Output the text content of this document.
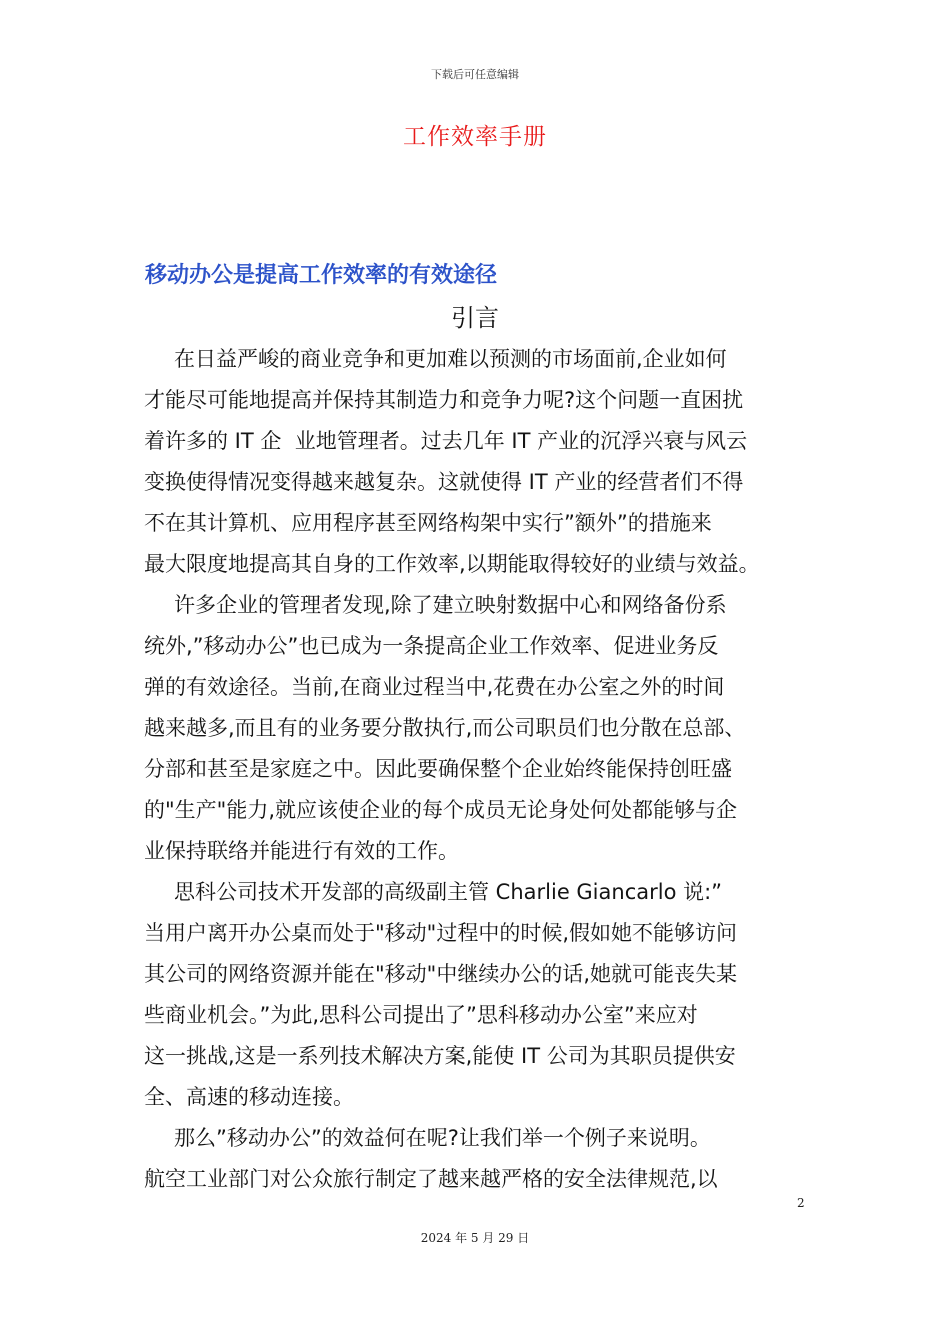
下载后可任意编辑
工作效率手册
移动办公是提高工作效率的有效途径
引言
在日益严峻的商业竞争和更加难以预测的市场面前,企业如何
才能尽可能地提高并保持其制造力和竞争力呢?这个问题一直困扰
着许多的 IT 企  业地管理者。过去几年 IT 产业的沉浮兴衰与风云
变换使得情况变得越来越复杂。这就使得 IT 产业的经营者们不得
不在其计算机、应用程序甚至网络构架中实行”额外”的措施来
最大限度地提高其自身的工作效率,以期能取得较好的业绩与效益。
许多企业的管理者发现,除了建立映射数据中心和网络备份系
统外,”移动办公”也已成为一条提高企业工作效率、促进业务反
弹的有效途径。当前,在商业过程当中,花费在办公室之外的时间
越来越多,而且有的业务要分散执行,而公司职员们也分散在总部、
分部和甚至是家庭之中。因此要确保整个企业始终能保持创旺盛
的"生产"能力,就应该使企业的每个成员无论身处何处都能够与企
业保持联络并能进行有效的工作。
思科公司技术开发部的高级副主管 Charlie Giancarlo 说:”
当用户离开办公桌而处于"移动"过程中的时候,假如她不能够访问
其公司的网络资源并能在"移动"中继续办公的话,她就可能丧失某
些商业机会。”为此,思科公司提出了”思科移动办公室”来应对
这一挑战,这是一系列技术解决方案,能使 IT 公司为其职员提供安
全、高速的移动连接。
那么”移动办公”的效益何在呢?让我们举一个例子来说明。
航空工业部门对公众旅行制定了越来越严格的安全法律规范,以
2
2024 年 5 月 29 日
